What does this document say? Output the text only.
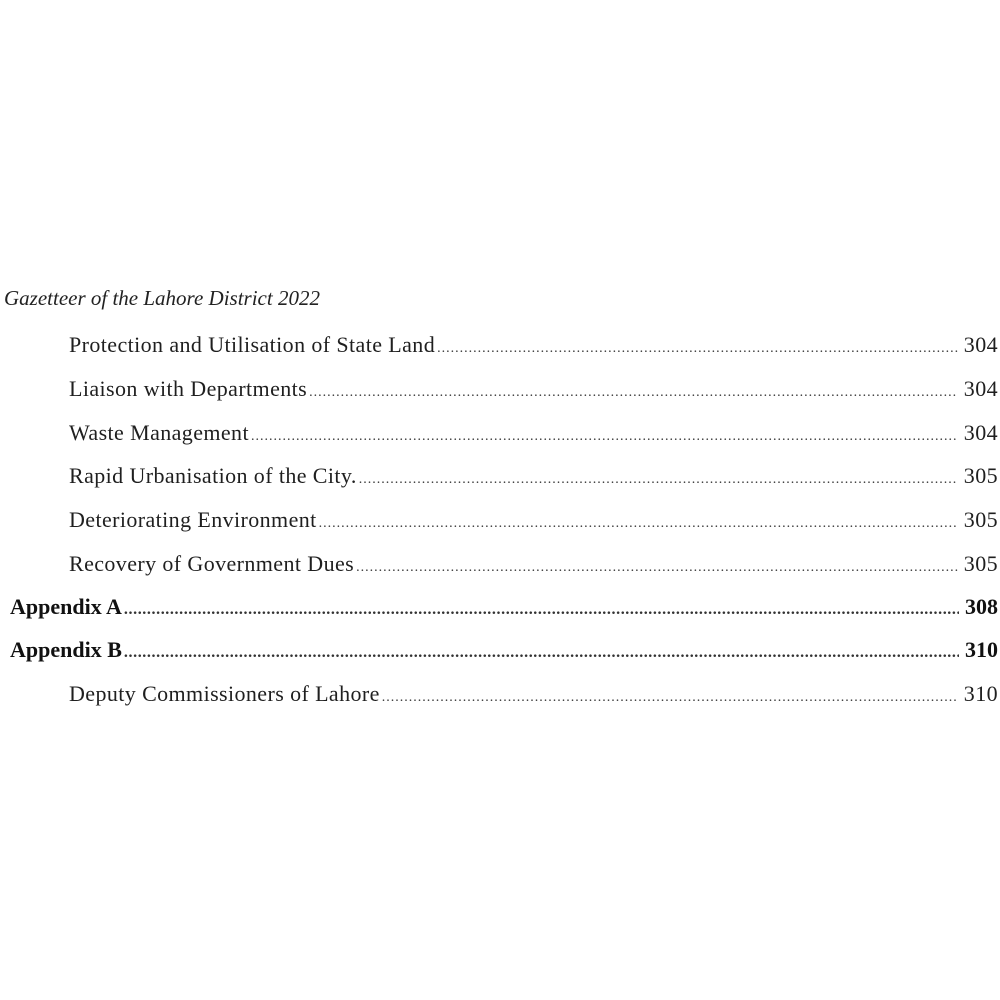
Gazetteer of the Lahore District 2022
Protection and Utilisation of State Land .....	304
Liaison with Departments .....	304
Waste Management .....	304
Rapid Urbanisation of the City. .....	305
Deteriorating Environment .....	305
Recovery of Government Dues .....	305
Appendix A .....	308
Appendix B .....	310
Deputy Commissioners of Lahore .....	310
